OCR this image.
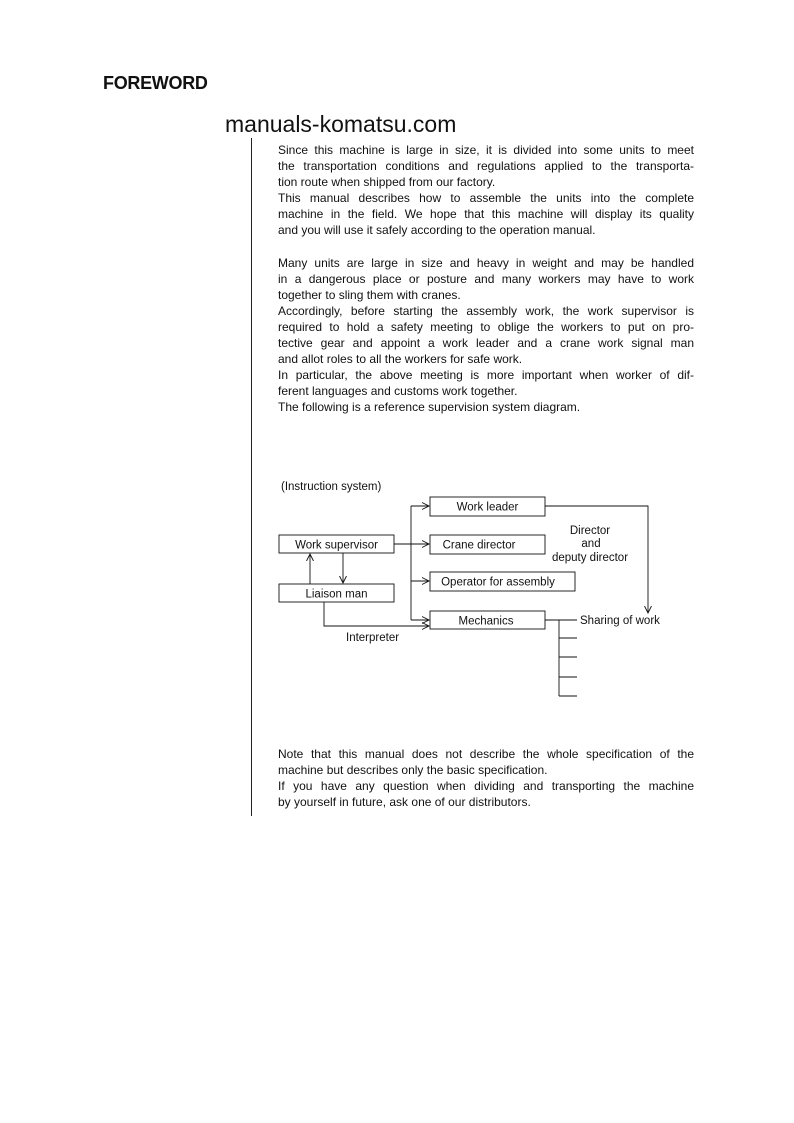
FOREWORD
manuals-komatsu.com
Since this machine is large in size, it is divided into some units to meet
the transportation conditions and regulations applied to the transporta-
tion route when shipped from our factory.
This manual describes how to assemble the units into the complete
machine in the field. We hope that this machine will display its quality
and you will use it safely according to the operation manual.
Many units are large in size and heavy in weight and may be handled
in a dangerous place or posture and many workers may have to work
together to sling them with cranes.
Accordingly, before starting the assembly work, the work supervisor is
required to hold a safety meeting to oblige the workers to put on pro-
tective gear and appoint a work leader and a crane work signal man
and allot roles to all the workers for safe work.
In particular, the above meeting is more important when worker of dif-
ferent languages and customs work together.
The following is a reference supervision system diagram.
(Instruction system)
Work supervisor
Liaison man
Work leader
Crane director
Operator for assembly
Mechanics
Director
and
deputy director
Sharing of work
Interpreter
Note that this manual does not describe the whole specification of the
machine but describes only the basic specification.
If you have any question when dividing and transporting the machine
by yourself in future, ask one of our distributors.
